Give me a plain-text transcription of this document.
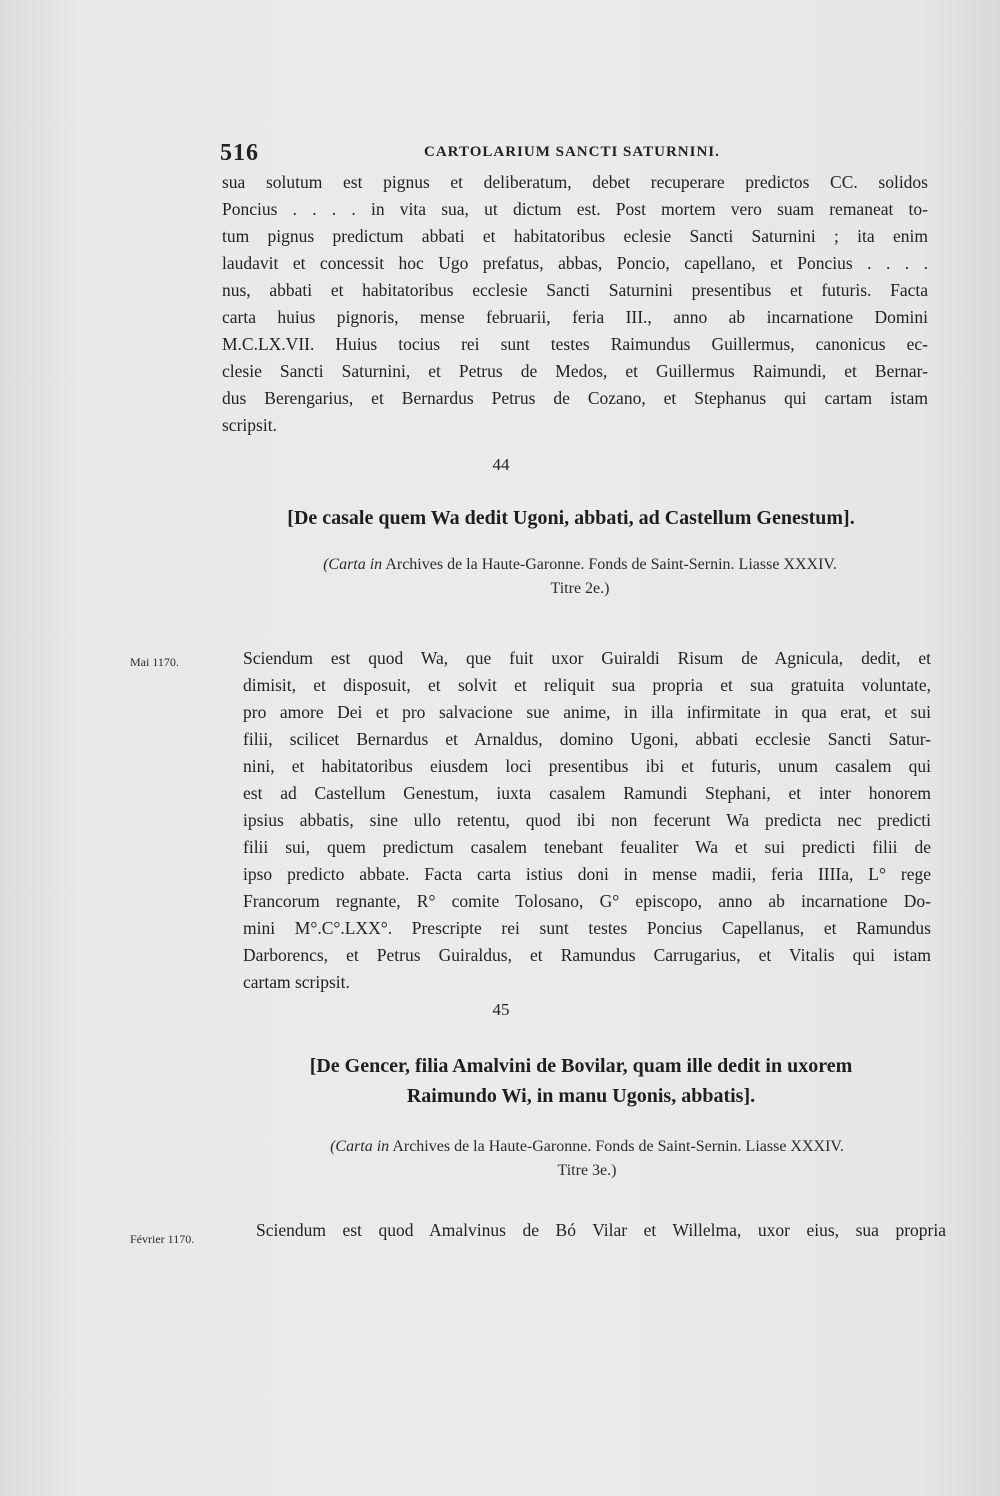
516	CARTOLARIUM SANCTI SATURNINI.
sua solutum est pignus et deliberatum, debet recuperare predictos CC. solidos
Poncius . . . . in vita sua, ut dictum est. Post mortem vero suam remaneat to-
tum pignus predictum abbati et habitatoribus eclesie Sancti Saturnini ; ita enim
laudavit et concessit hoc Ugo prefatus, abbas, Poncio, capellano, et Poncius . . . .
nus, abbati et habitatoribus ecclesie Sancti Saturnini presentibus et futuris. Facta
carta huius pignoris, mense februarii, feria III., anno ab incarnatione Domini
M.C.LX.VII. Huius tocius rei sunt testes Raimundus Guillermus, canonicus ec-
clesie Sancti Saturnini, et Petrus de Medos, et Guillermus Raimundi, et Bernar-
dus Berengarius, et Bernardus Petrus de Cozano, et Stephanus qui cartam istam
scripsit.
44
[De casale quem Wa dedit Ugoni, abbati, ad Castellum Genestum].
(Carta in Archives de la Haute-Garonne. Fonds de Saint-Sernin. Liasse XXXIV.
Titre 2e.)
Mai 1170.	Sciendum est quod Wa, que fuit uxor Guiraldi Risum de Agnicula, dedit, et
dimisit, et disposuit, et solvit et reliquit sua propria et sua gratuita voluntate,
pro amore Dei et pro salvacione sue anime, in illa infirmitate in qua erat, et sui
filii, scilicet Bernardus et Arnaldus, domino Ugoni, abbati ecclesie Sancti Satur-
nini, et habitatoribus eiusdem loci presentibus ibi et futuris, unum casalem qui
est ad Castellum Genestum, iuxta casalem Ramundi Stephani, et inter honorem
ipsius abbatis, sine ullo retentu, quod ibi non fecerunt Wa predicta nec predicti
filii sui, quem predictum casalem tenebant feualiter Wa et sui predicti filii de
ipso predicto abbate. Facta carta istius doni in mense madii, feria IIIIa, L° rege
Francorum regnante, R° comite Tolosano, G° episcopo, anno ab incarnatione Do-
mini M°.C°.LXX°. Prescripte rei sunt testes Poncius Capellanus, et Ramundus
Darborencs, et Petrus Guiraldus, et Ramundus Carrugarius, et Vitalis qui istam
cartam scripsit.
45
[De Gencer, filia Amalvini de Bovilar, quam ille dedit in uxorem
Raimundo Wi, in manu Ugonis, abbatis].
(Carta in Archives de la Haute-Garonne. Fonds de Saint-Sernin. Liasse XXXIV.
Titre 3e.)
Février 1170.	Sciendum est quod Amalvinus de Bó Vilar et Willelma, uxor eius, sua propria
